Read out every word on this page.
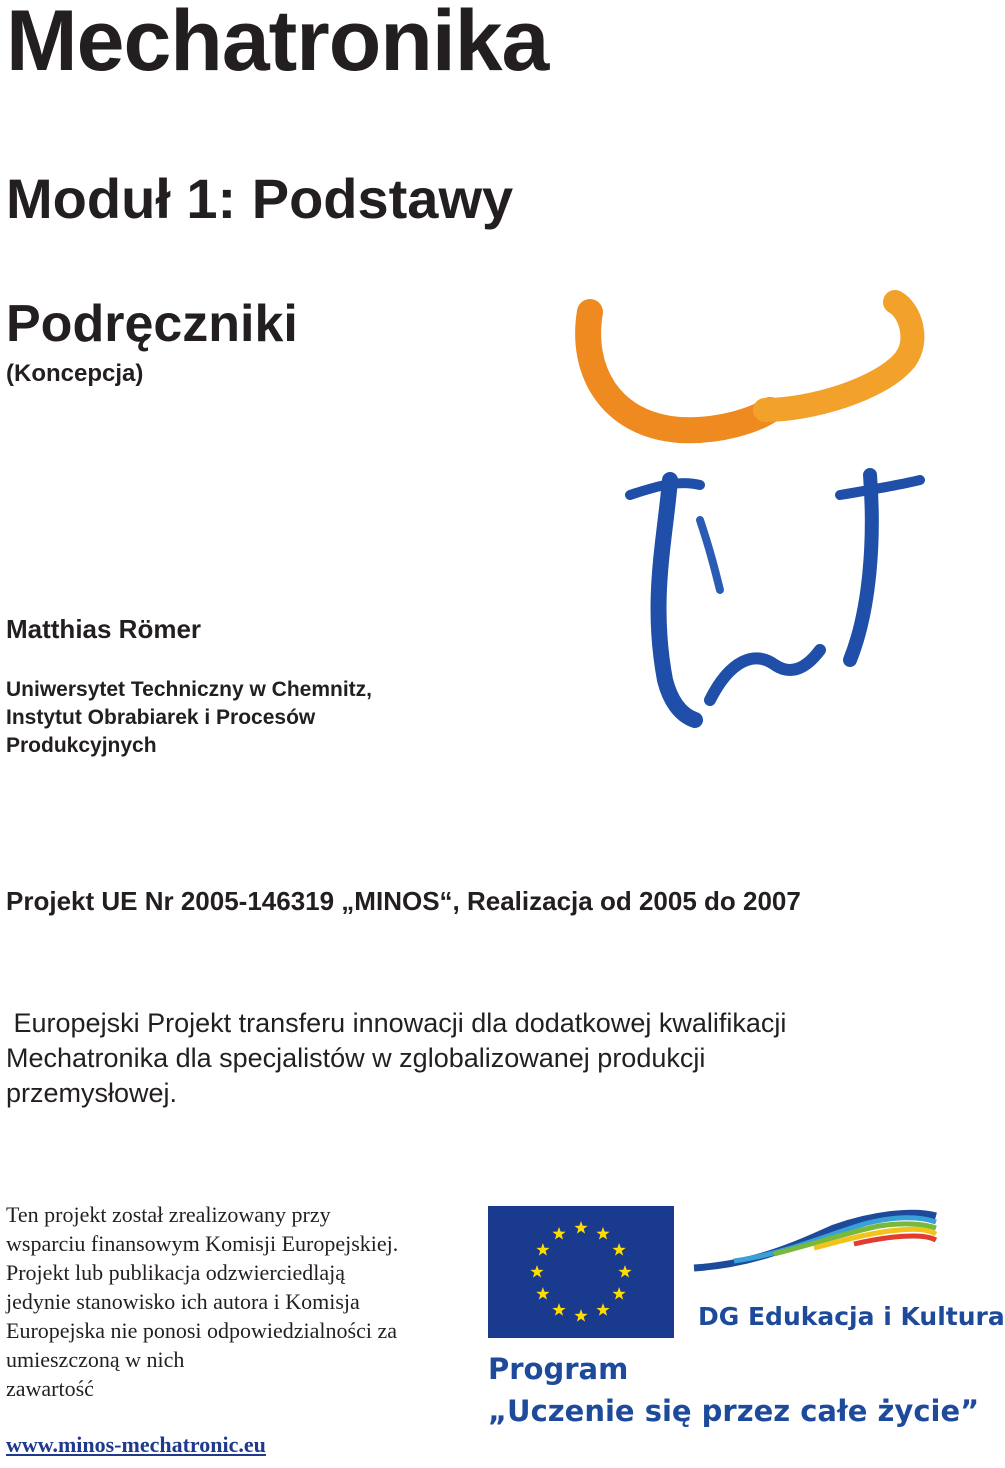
Mechatronika
Moduł 1: Podstawy
Podręczniki
(Koncepcja)
Matthias Römer
Uniwersytet Techniczny w Chemnitz,
Instytut Obrabiarek i Procesów
Produkcyjnych
Projekt UE Nr 2005-146319 „MINOS“, Realizacja od 2005 do 2007
Europejski Projekt transferu innowacji dla dodatkowej kwalifikacji
Mechatronika dla specjalistów w zglobalizowanej produkcji
przemysłowej.
Ten projekt został zrealizowany przy
wsparciu finansowym Komisji Europejskiej.
Projekt lub publikacja odzwierciedlają
jedynie stanowisko ich autora i Komisja
Europejska nie ponosi odpowiedzialności za
umieszczoną w nich
zawartość
www.minos-mechatronic.eu
DG Edukacja i Kultura
Program
„Uczenie się przez całe życie”
